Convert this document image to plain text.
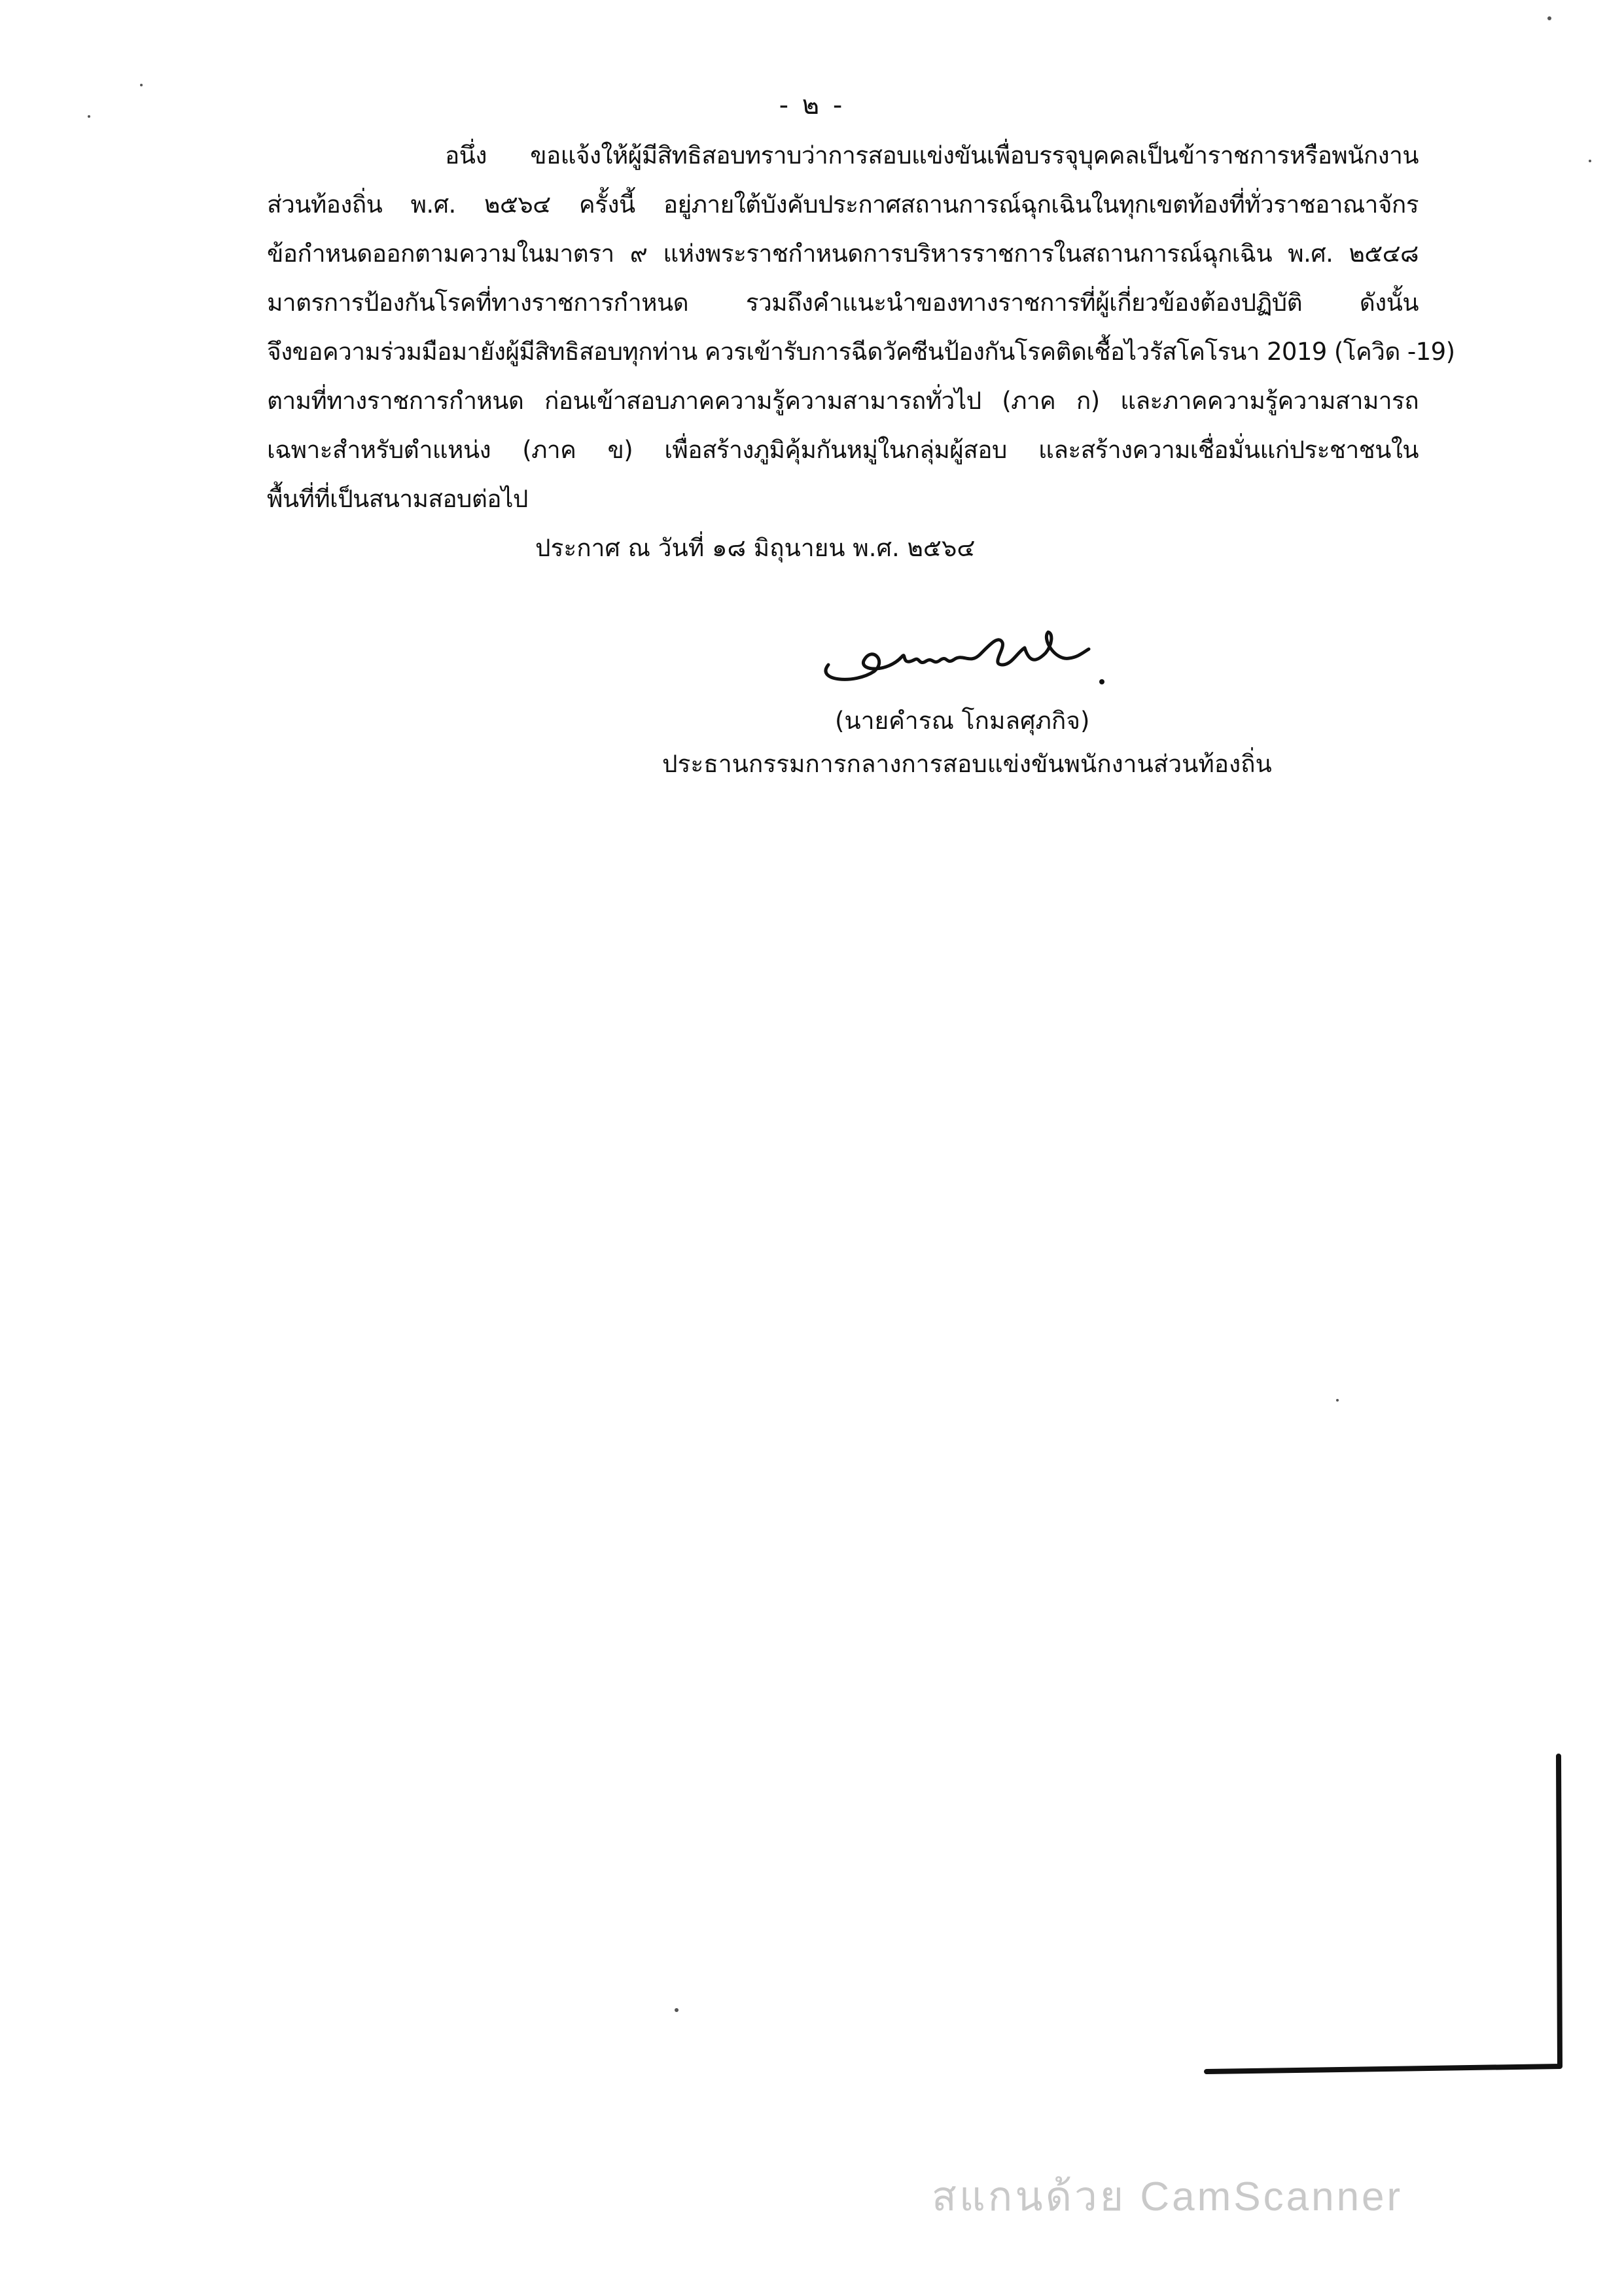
- ๒ -
อนึ่ง ขอแจ้งให้ผู้มีสิทธิสอบทราบว่าการสอบแข่งขันเพื่อบรรจุบุคคลเป็นข้าราชการหรือพนักงาน
ส่วนท้องถิ่น พ.ศ. ๒๕๖๔ ครั้งนี้ อยู่ภายใต้บังคับประกาศสถานการณ์ฉุกเฉินในทุกเขตท้องที่ทั่วราชอาณาจักร
ข้อกำหนดออกตามความในมาตรา ๙ แห่งพระราชกำหนดการบริหารราชการในสถานการณ์ฉุกเฉิน พ.ศ. ๒๕๔๘
มาตรการป้องกันโรคที่ทางราชการกำหนด รวมถึงคำแนะนำของทางราชการที่ผู้เกี่ยวข้องต้องปฏิบัติ ดังนั้น
จึงขอความร่วมมือมายังผู้มีสิทธิสอบทุกท่าน ควรเข้ารับการฉีดวัคซีนป้องกันโรคติดเชื้อไวรัสโคโรนา 2019 (โควิด -19)
ตามที่ทางราชการกำหนด ก่อนเข้าสอบภาคความรู้ความสามารถทั่วไป (ภาค ก) และภาคความรู้ความสามารถ
เฉพาะสำหรับตำแหน่ง (ภาค ข) เพื่อสร้างภูมิคุ้มกันหมู่ในกลุ่มผู้สอบ และสร้างความเชื่อมั่นแก่ประชาชนใน
พื้นที่ที่เป็นสนามสอบต่อไป
ประกาศ ณ วันที่ ๑๘ มิถุนายน พ.ศ. ๒๕๖๔
(นายคำรณ โกมลศุภกิจ)
ประธานกรรมการกลางการสอบแข่งขันพนักงานส่วนท้องถิ่น
สแกนด้วย CamScanner
